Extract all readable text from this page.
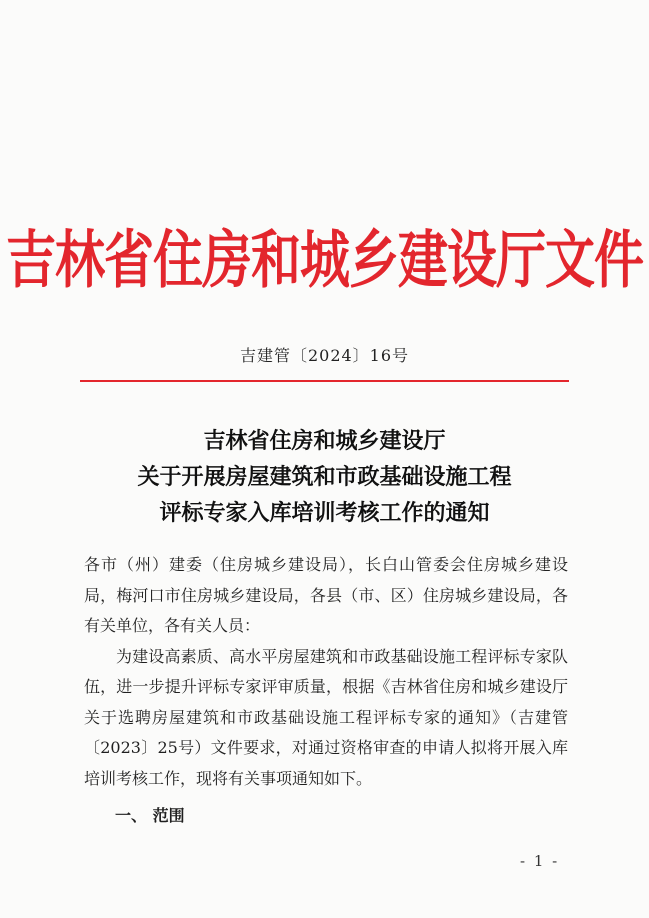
吉林省住房和城乡建设厅文件
吉建管〔2024〕16号
吉林省住房和城乡建设厅
关于开展房屋建筑和市政基础设施工程
评标专家入库培训考核工作的通知

各市（州）建委（住房城乡建设局），长白山管委会住房城乡建设局，梅河口市住房城乡建设局，各县（市、区）住房城乡建设局，各有关单位，各有关人员：

为建设高素质、高水平房屋建筑和市政基础设施工程评标专家队伍，进一步提升评标专家评审质量，根据《吉林省住房和城乡建设厅关于选聘房屋建筑和市政基础设施工程评标专家的通知》（吉建管〔2023〕25号）文件要求，对通过资格审查的申请人拟将开展入库培训考核工作，现将有关事项通知如下。

一、 范围
- 1 -
